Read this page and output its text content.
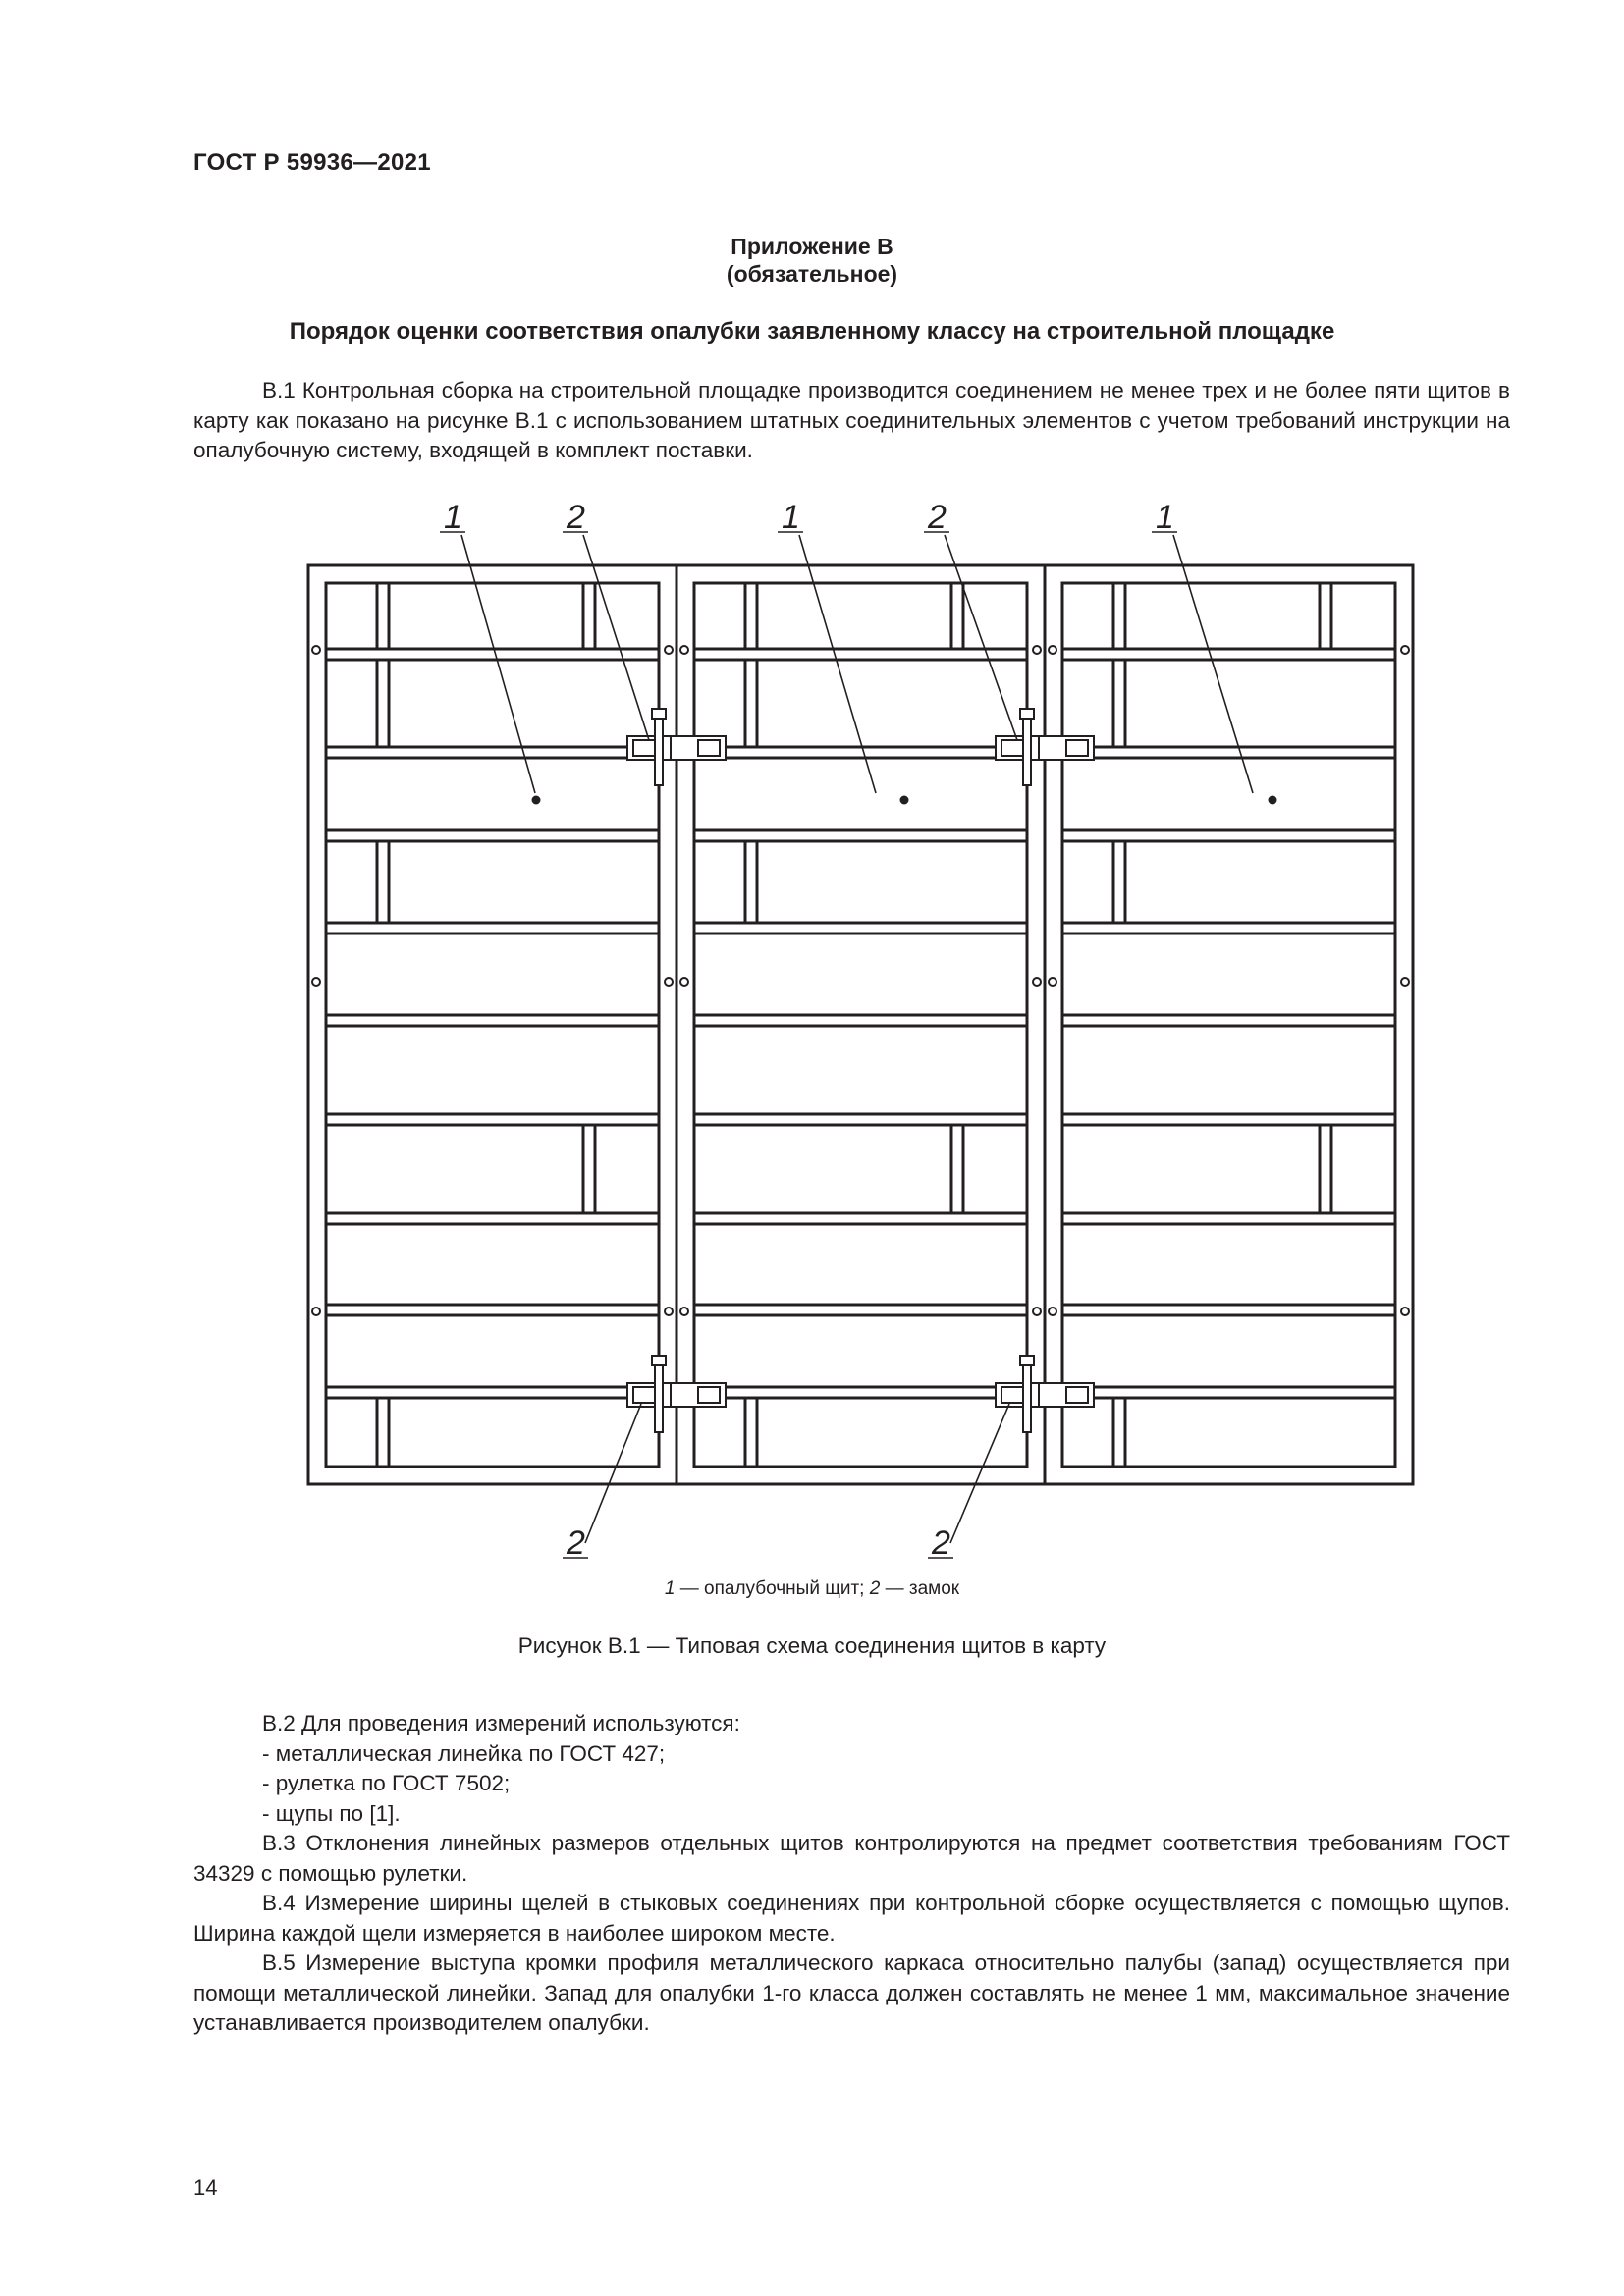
ГОСТ Р 59936—2021
Приложение В
(обязательное)
Порядок оценки соответствия опалубки заявленному классу на строительной площадке

В.1 Контрольная сборка на строительной площадке производится соединением не менее трех и не более пяти щитов в карту как показано на рисунке В.1 с использованием штатных соединительных элементов с учетом требований инструкции на опалубочную систему, входящей в комплект поставки.

1	2	1	2	1
2	2
1 — опалубочный щит; 2 — замок
Рисунок В.1 — Типовая схема соединения щитов в карту

В.2 Для проведения измерений используются:

- металлическая линейка по ГОСТ 427;

- рулетка по ГОСТ 7502;

- щупы по [1].

В.3 Отклонения линейных размеров отдельных щитов контролируются на предмет соответствия требованиям ГОСТ 34329 с помощью рулетки.

В.4 Измерение ширины щелей в стыковых соединениях при контрольной сборке осуществляется с помощью щупов. Ширина каждой щели измеряется в наиболее широком месте.

В.5 Измерение выступа кромки профиля металлического каркаса относительно палубы (запад) осуществляется при помощи металлической линейки. Запад для опалубки 1-го класса должен составлять не менее 1 мм, максимальное значение устанавливается производителем опалубки.

14
